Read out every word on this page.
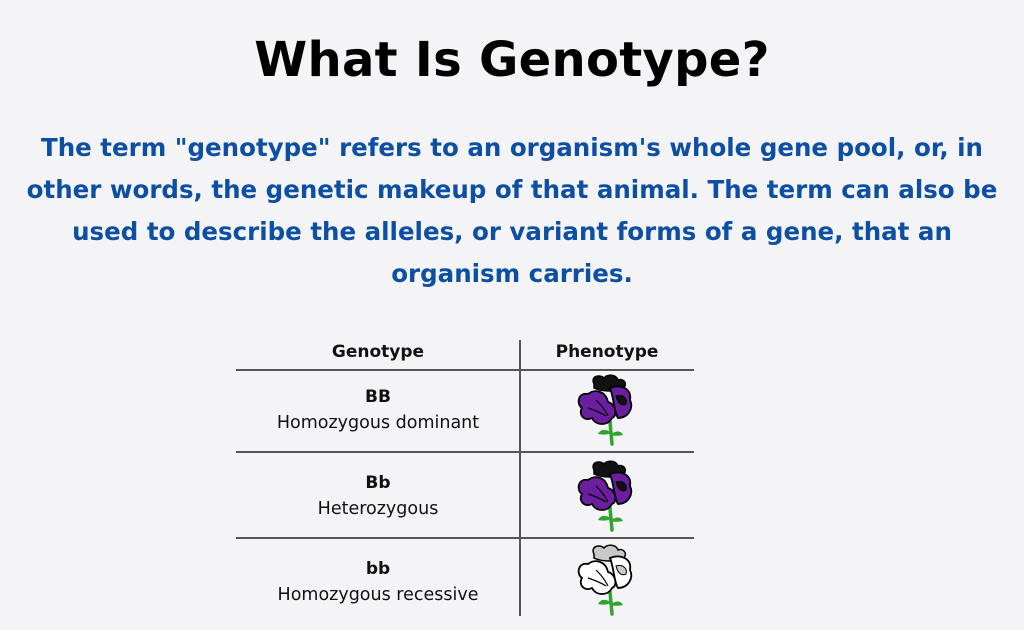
What Is Genotype?

The term "genotype" refers to an organism's whole gene pool, or, in other words, the genetic makeup of that animal. The term can also be used to describe the alleles, or variant forms of a gene, that an organism carries.

Genotype	Phenotype
BB
Homozygous dominant
Bb
Heterozygous
bb
Homozygous recessive
